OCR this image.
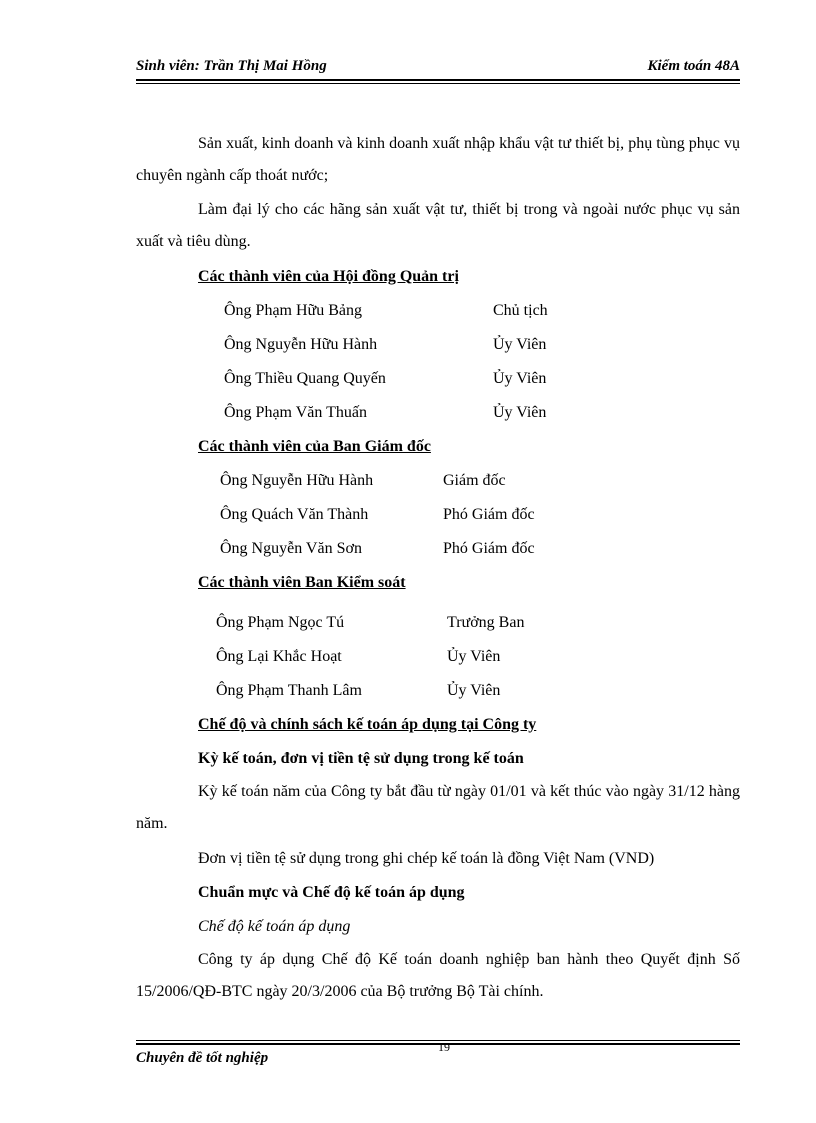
Sinh viên: Trần Thị Mai Hồng	Kiểm toán 48A

Sản xuất, kinh doanh và kinh doanh xuất nhập khẩu vật tư thiết bị, phụ tùng phục vụ chuyên ngành cấp thoát nước;

Làm đại lý cho các hãng sản xuất vật tư, thiết bị trong và ngoài nước phục vụ sản xuất và tiêu dùng.

Các thành viên của Hội đồng Quản trị
Ông Phạm Hữu Bảng	Chủ tịch
Ông Nguyễn Hữu Hành	Ủy Viên
Ông Thiều Quang Quyến	Ủy Viên
Ông Phạm Văn Thuấn	Ủy Viên
Các thành viên của Ban Giám đốc
Ông Nguyễn Hữu Hành	Giám đốc
Ông Quách Văn Thành	Phó Giám đốc
Ông Nguyễn Văn Sơn	Phó Giám đốc
Các thành viên Ban Kiểm soát
Ông Phạm Ngọc Tú	Trưởng Ban
Ông Lại Khắc Hoạt	Ủy Viên
Ông Phạm Thanh Lâm	Ủy Viên
Chế độ và chính sách kế toán áp dụng tại Công ty
Kỳ kế toán, đơn vị tiền tệ sử dụng trong kế toán

Kỳ kế toán năm của Công ty bắt đầu từ ngày 01/01 và kết thúc vào ngày 31/12 hàng năm.

Đơn vị tiền tệ sử dụng trong ghi chép kế toán là đồng Việt Nam (VND)
Chuẩn mực và Chế độ kế toán áp dụng
Chế độ kế toán áp dụng

Công ty áp dụng Chế độ Kế toán doanh nghiệp ban hành theo Quyết định Số 15/2006/QĐ-BTC ngày 20/3/2006 của Bộ trưởng Bộ Tài chính.

Chuyên đề tốt nghiệp
19
